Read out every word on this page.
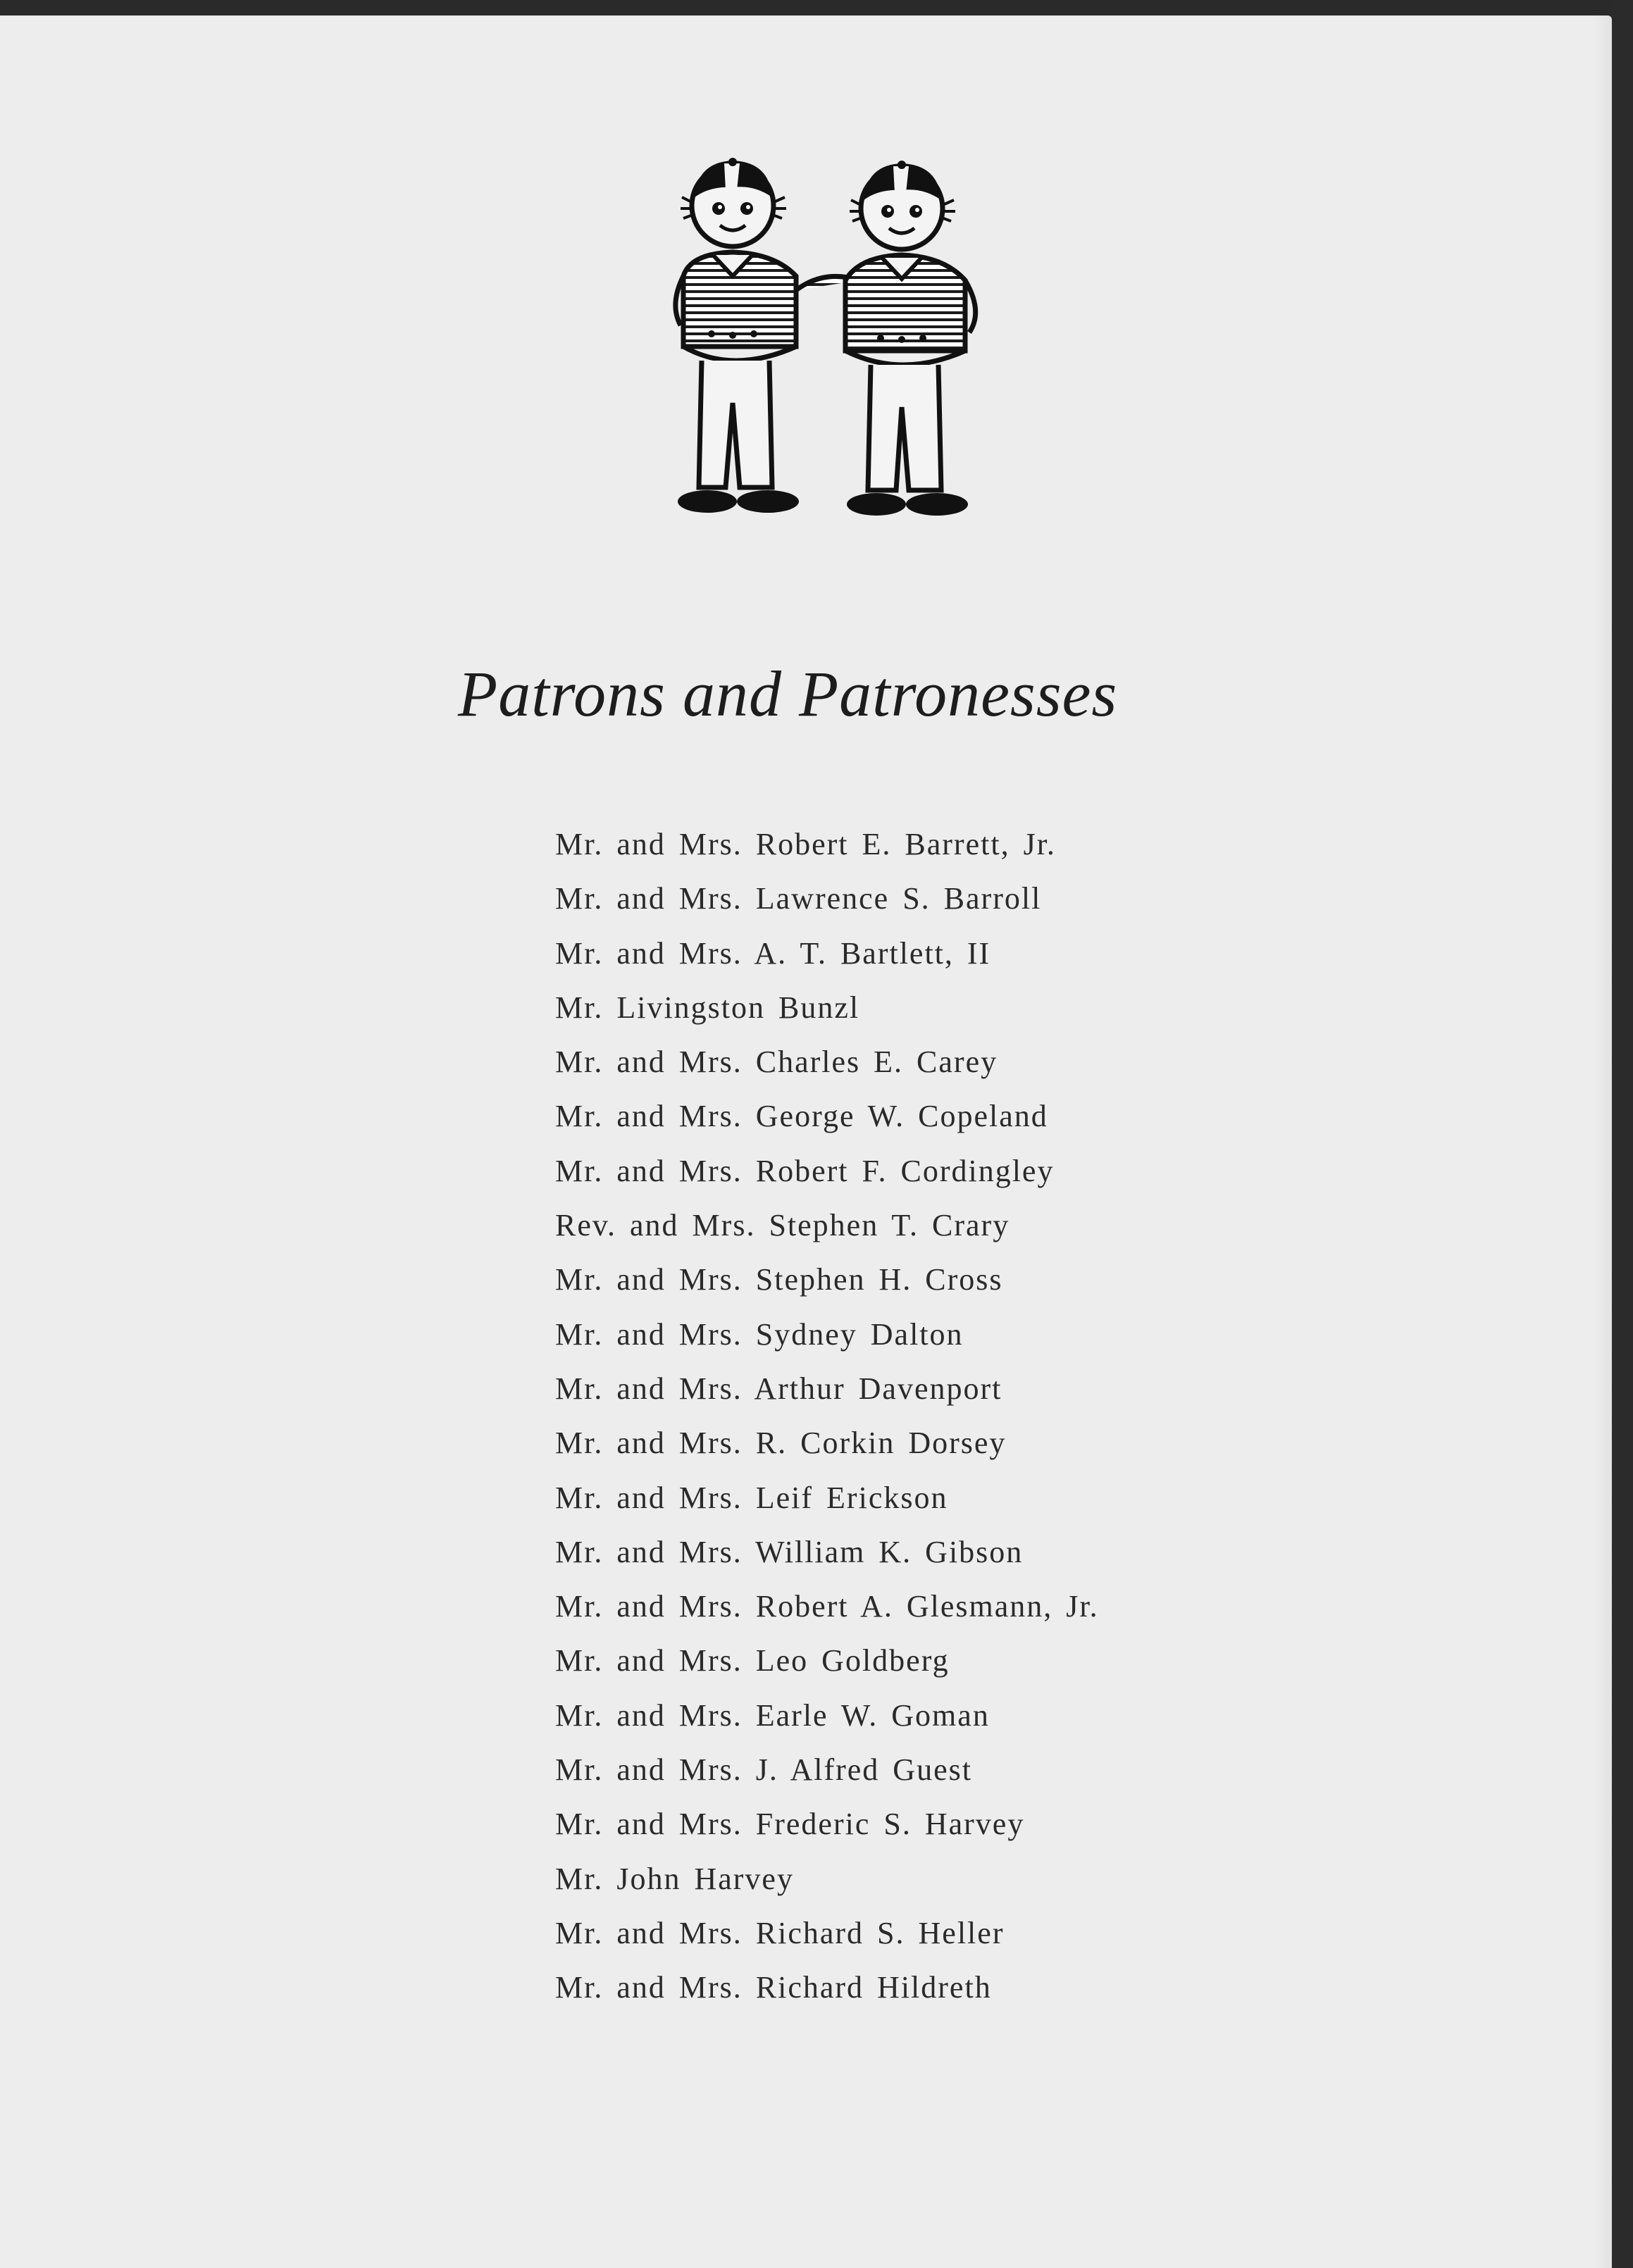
Patrons and Patronesses
Mr. and Mrs. Robert E. Barrett, Jr.
Mr. and Mrs. Lawrence S. Barroll
Mr. and Mrs. A. T. Bartlett, II
Mr. Livingston Bunzl
Mr. and Mrs. Charles E. Carey
Mr. and Mrs. George W. Copeland
Mr. and Mrs. Robert F. Cordingley
Rev. and Mrs. Stephen T. Crary
Mr. and Mrs. Stephen H. Cross
Mr. and Mrs. Sydney Dalton
Mr. and Mrs. Arthur Davenport
Mr. and Mrs. R. Corkin Dorsey
Mr. and Mrs. Leif Erickson
Mr. and Mrs. William K. Gibson
Mr. and Mrs. Robert A. Glesmann, Jr.
Mr. and Mrs. Leo Goldberg
Mr. and Mrs. Earle W. Goman
Mr. and Mrs. J. Alfred Guest
Mr. and Mrs. Frederic S. Harvey
Mr. John Harvey
Mr. and Mrs. Richard S. Heller
Mr. and Mrs. Richard Hildreth
